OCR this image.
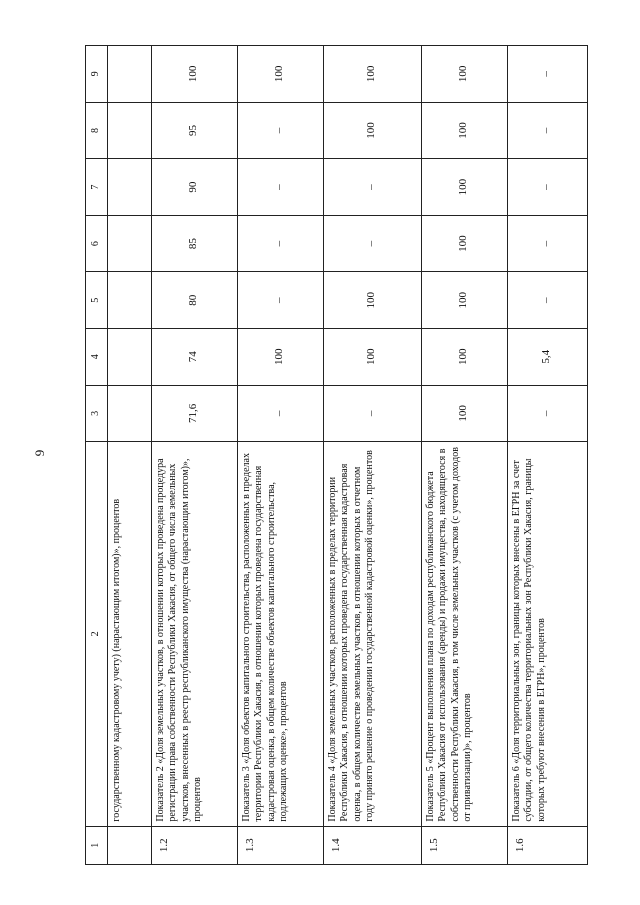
9
1	2	3	4	5	6	7	8	9
	государственному кадастровому учету) (нарастающим итогом)», процентов							
1.2	Показатель 2 «Доля земельных участков, в отношении которых проведена процедура регистрации права собственности Республики Хакасия, от общего числа земельных участков, внесенных в реестр республиканского имущества (нарастающим итогом)», процентов	71,6	74	80	85	90	95	100
1.3	Показатель 3 «Доля объектов капитального строительства, расположенных в пределах территории Республики Хакасия, в отношении которых проведена государственная кадастровая оценка, в общем количестве объектов капитального строительства, подлежащих оценке», процентов	–	100	–	–	–	–	100
1.4	Показатель 4 «Доля земельных участков, расположенных в пределах территории Республики Хакасия, в отношении которых проведена государственная кадастровая оценка, в общем количестве земельных участков, в отношении которых в отчетном году принято решение о проведении государственной кадастровой оценки», процентов	–	100	100	–	–	100	100
1.5	Показатель 5 «Процент выполнения плана по доходам республиканского бюджета Республики Хакасия от использования (аренды) и продажи имущества, находящегося в собственности Республики Хакасия, в том числе земельных участков (с учетом доходов от приватизации)», процентов	100	100	100	100	100	100	100
1.6	Показатель 6 «Доля территориальных зон, границы которых внесены в ЕГРН за счет субсидии, от общего количества территориальных зон Республики Хакасия, границы которых требуют внесения в ЕГРН», процентов	–	5,4	–	–	–	–	–
